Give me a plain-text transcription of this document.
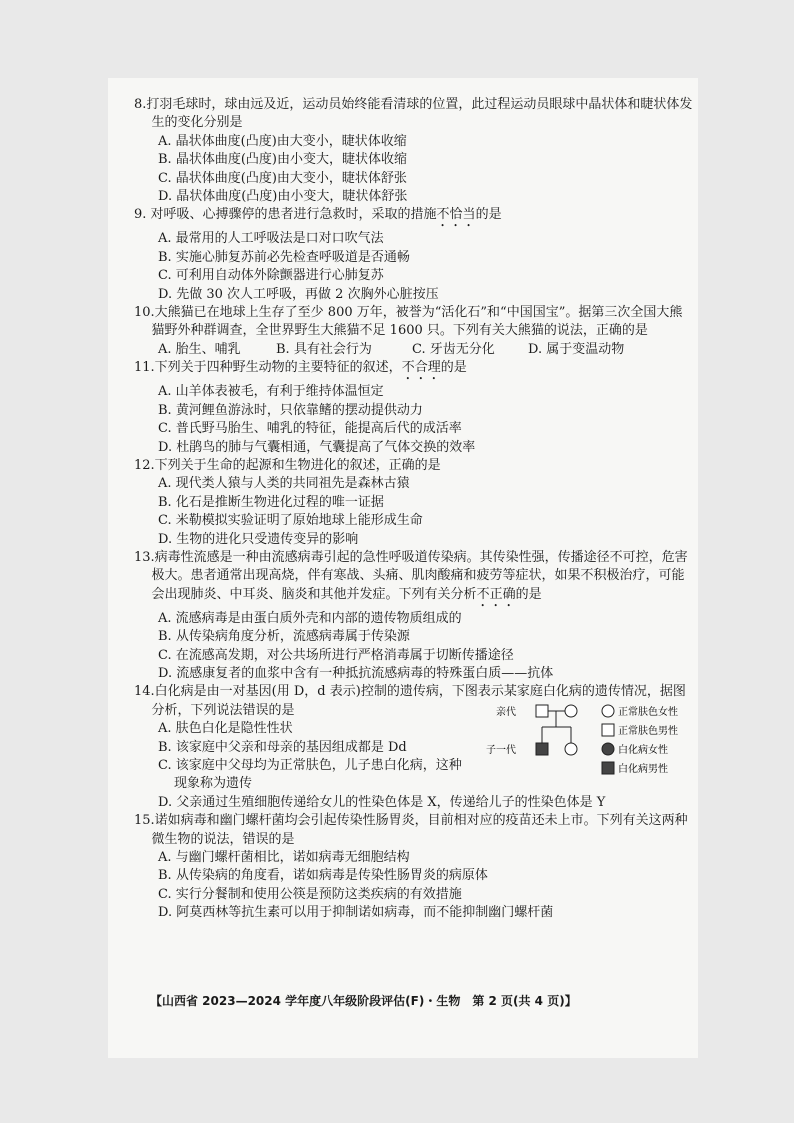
8.打羽毛球时，球由远及近，运动员始终能看清球的位置，此过程运动员眼球中晶状体和睫状体发生的变化分别是

A. 晶状体曲度(凸度)由大变小，睫状体收缩

B. 晶状体曲度(凸度)由小变大，睫状体收缩

C. 晶状体曲度(凸度)由大变小，睫状体舒张

D. 晶状体曲度(凸度)由小变大，睫状体舒张

9. 对呼吸、心搏骤停的患者进行急救时，采取的措施不恰当的是

A. 最常用的人工呼吸法是口对口吹气法

B. 实施心肺复苏前必先检查呼吸道是否通畅

C. 可利用自动体外除颤器进行心肺复苏

D. 先做 30 次人工呼吸，再做 2 次胸外心脏按压

10.大熊猫已在地球上生存了至少 800 万年，被誉为“活化石”和“中国国宝”。据第三次全国大熊猫野外种群调查，全世界野生大熊猫不足 1600 只。下列有关大熊猫的说法，正确的是

A. 胎生、哺乳	B. 具有社会行为	C. 牙齿无分化	D. 属于变温动物

11.下列关于四种野生动物的主要特征的叙述，不合理的是

A. 山羊体表被毛，有利于维持体温恒定

B. 黄河鲤鱼游泳时，只依靠鳍的摆动提供动力

C. 普氏野马胎生、哺乳的特征，能提高后代的成活率

D. 杜鹃鸟的肺与气囊相通，气囊提高了气体交换的效率

12.下列关于生命的起源和生物进化的叙述，正确的是

A. 现代类人猿与人类的共同祖先是森林古猿

B. 化石是推断生物进化过程的唯一证据

C. 米勒模拟实验证明了原始地球上能形成生命

D. 生物的进化只受遗传变异的影响

13.病毒性流感是一种由流感病毒引起的急性呼吸道传染病。其传染性强，传播途径不可控，危害极大。患者通常出现高烧，伴有寒战、头痛、肌肉酸痛和疲劳等症状，如果不积极治疗，可能会出现肺炎、中耳炎、脑炎和其他并发症。下列有关分析不正确的是

A. 流感病毒是由蛋白质外壳和内部的遗传物质组成的

B. 从传染病角度分析，流感病毒属于传染源

C. 在流感高发期，对公共场所进行严格消毒属于切断传播途径

D. 流感康复者的血浆中含有一种抵抗流感病毒的特殊蛋白质——抗体

14.白化病是由一对基因(用 D，d 表示)控制的遗传病，下图表示某家庭白化病的遗传情况，据图分析，下列说法错误的是

A. 肤色白化是隐性性状

B. 该家庭中父亲和母亲的基因组成都是 Dd

C. 该家庭中父母均为正常肤色，儿子患白化病，这种

现象称为遗传

D. 父亲通过生殖细胞传递给女儿的性染色体是 X，传递给儿子的性染色体是 Y

亲代
子一代
正常肤色女性
正常肤色男性
白化病女性
白化病男性

15.诺如病毒和幽门螺杆菌均会引起传染性肠胃炎，目前相对应的疫苗还未上市。下列有关这两种微生物的说法，错误的是

A. 与幽门螺杆菌相比，诺如病毒无细胞结构

B. 从传染病的角度看，诺如病毒是传染性肠胃炎的病原体

C. 实行分餐制和使用公筷是预防这类疾病的有效措施

D. 阿莫西林等抗生素可以用于抑制诺如病毒，而不能抑制幽门螺杆菌

【山西省 2023—2024 学年度八年级阶段评估(F)・生物　第 2 页(共 4 页)】
